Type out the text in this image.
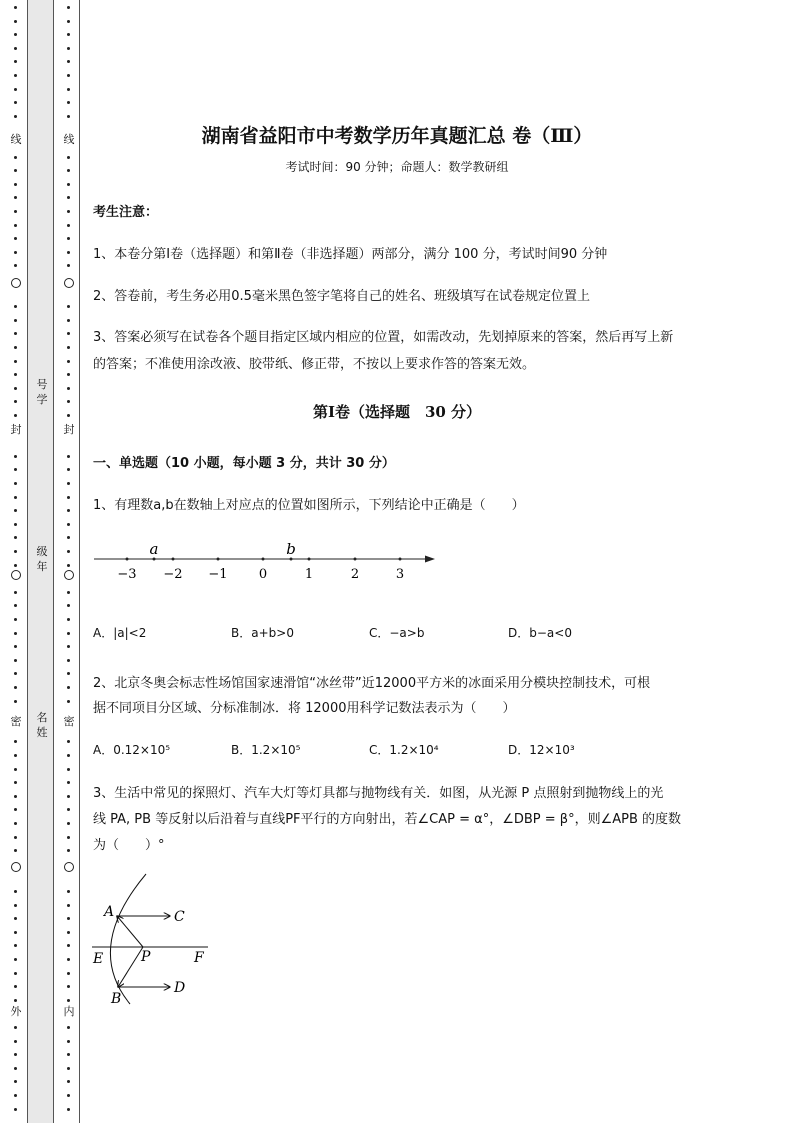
线
封
密
外
号学
级年
名姓
线
封
密
内
湖南省益阳市中考数学历年真题汇总 卷（Ⅲ）
考试时间：90 分钟；命题人：数学教研组
考生注意：
1、本卷分第Ⅰ卷（选择题）和第Ⅱ卷（非选择题）两部分，满分 100 分，考试时间90 分钟
2、答卷前，考生务必用0.5毫米黑色签字笔将自己的姓名、班级填写在试卷规定位置上
3、答案必须写在试卷各个题目指定区域内相应的位置，如需改动，先划掉原来的答案，然后再写上新
的答案；不准使用涂改液、胶带纸、修正带，不按以上要求作答的答案无效。
第Ⅰ卷（选择题　30 分）
一、单选题（10 小题，每小题 3 分，共计 30 分）
1、有理数a,b在数轴上对应点的位置如图所示，下列结论中正确是（　　）
a	b
−3 −2 −1 0	1	2	3
A．|a|<2	B．a+b>0	C．−a>b	D．b−a<0
2、北京冬奥会标志性场馆国家速滑馆“冰丝带”近12000平方米的冰面采用分模块控制技术，可根
据不同项目分区域、分标准制冰．将 12000用科学记数法表示为（　　）
A．0.12×10⁵	B．1.2×10⁵	C．1.2×10⁴	D．12×10³
3、生活中常见的探照灯、汽车大灯等灯具都与抛物线有关．如图，从光源 P 点照射到抛物线上的光
线 PA, PB 等反射以后沿着与直线PF平行的方向射出，若∠CAP = α°，∠DBP = β°，则∠APB 的度数
为（　　）°
A	C
E	P	F
B
D
